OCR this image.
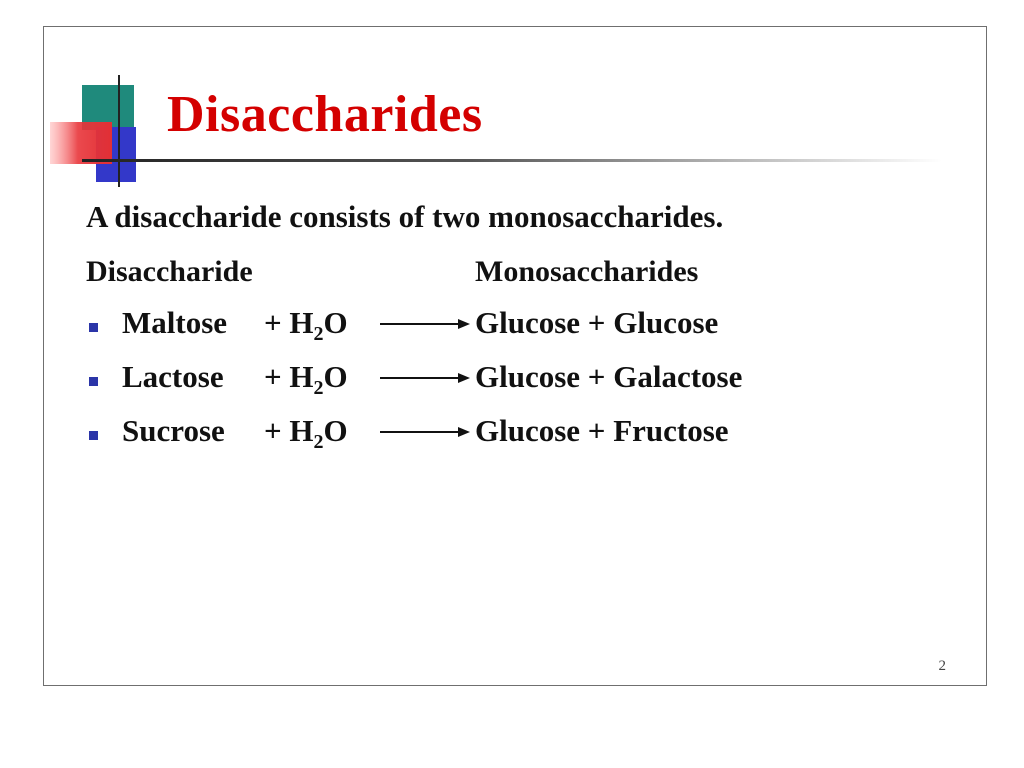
Disaccharides

A disaccharide consists of two monosaccharides.

Disaccharide	Monosaccharides
Maltose + $H_2O$	Glucose + Glucose
Lactose + $H_2O$	Glucose + Galactose
Sucrose + $H_2O$	Glucose + Fructose
2
